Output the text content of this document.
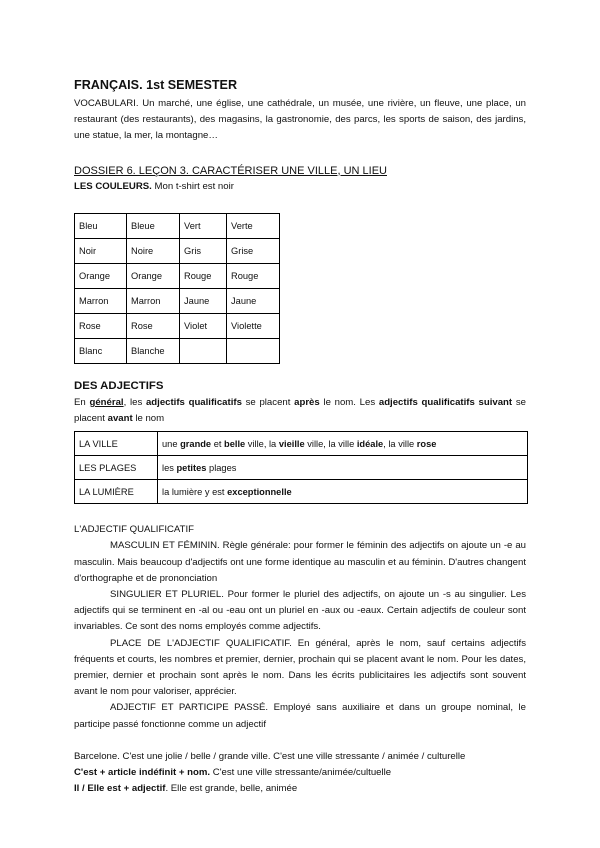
FRANÇAIS. 1st SEMESTER

VOCABULARI. Un marché, une église, une cathédrale, un musée, une rivière, un fleuve, une place, un restaurant (des restaurants), des magasins, la gastronomie, des parcs, les sports de saison, des jardins, une statue, la mer, la montagne…

DOSSIER 6. LEÇON 3. CARACTÉRISER UNE VILLE, UN LIEU

LES COULEURS. Mon t-shirt est noir

Bleu	Bleue	Vert	Verte
Noir	Noire	Gris	Grise
Orange	Orange	Rouge	Rouge
Marron	Marron	Jaune	Jaune
Rose	Rose	Violet	Violette
Blanc	Blanche		
DES ADJECTIFS

En général, les adjectifs qualificatifs se placent après le nom. Les adjectifs qualificatifs suivant se placent avant le nom

LA VILLE	une grande et belle ville, la vieille ville, la ville idéale, la ville rose
LES PLAGES	les petites plages
LA LUMIÈRE	la lumière y est exceptionnelle

L'ADJECTIF QUALIFICATIF

MASCULIN ET FÉMININ. Règle générale: pour former le féminin des adjectifs on ajoute un -e au masculin. Mais beaucoup d'adjectifs ont une forme identique au masculin et au féminin. D'autres changent d'orthographe et de prononciation

SINGULIER ET PLURIEL. Pour former le pluriel des adjectifs, on ajoute un -s au singulier. Les adjectifs qui se terminent en -al ou -eau ont un pluriel en -aux ou -eaux. Certain adjectifs de couleur sont invariables. Ce sont des noms employés comme adjectifs.

PLACE DE L'ADJECTIF QUALIFICATIF. En général, après le nom, sauf certains adjectifs fréquents et courts, les nombres et premier, dernier, prochain qui se placent avant le nom. Pour les dates, premier, dernier et prochain sont après le nom. Dans les écrits publicitaires les adjectifs sont souvent avant le nom pour valoriser, apprécier.

ADJECTIF ET PARTICIPE PASSÉ. Employé sans auxiliaire et dans un groupe nominal, le participe passé fonctionne comme un adjectif

Barcelone. C'est une jolie / belle / grande ville. C'est une ville stressante / animée / culturelle

C'est + article indéfinit + nom. C'est une ville stressante/animée/cultuelle

Il / Elle est + adjectif. Elle est grande, belle, animée
